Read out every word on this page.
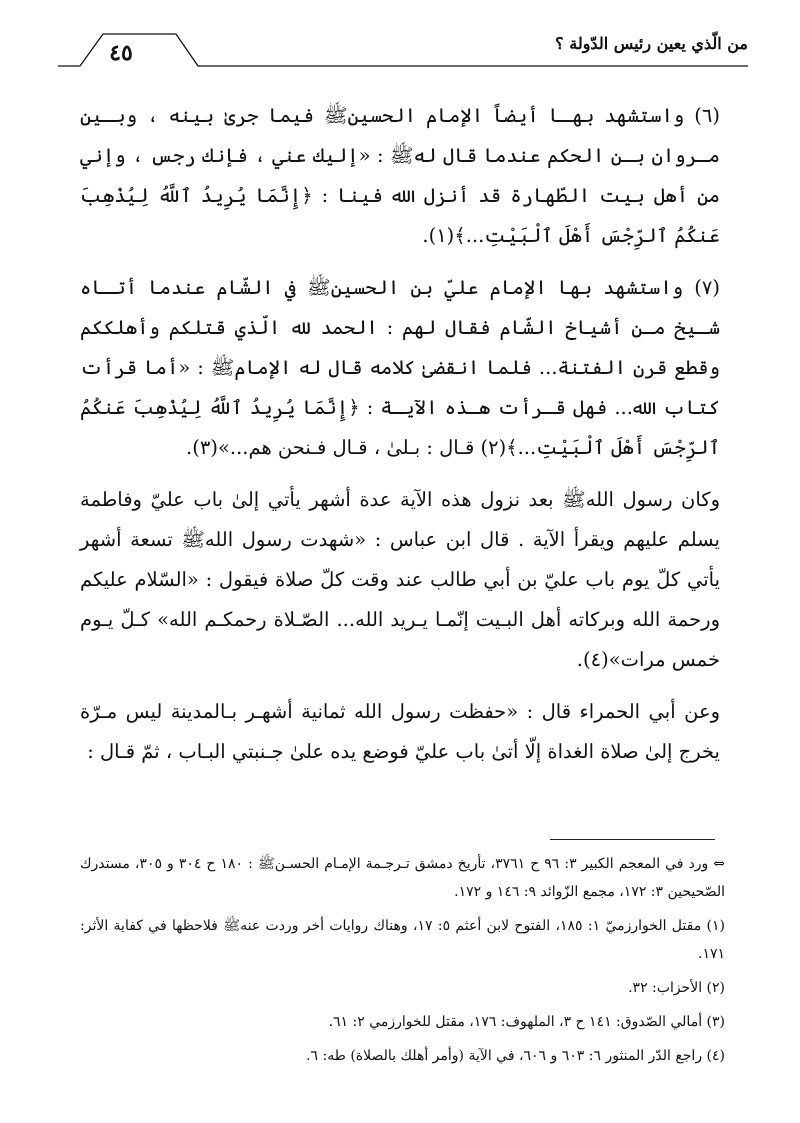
٤٥	من الّذي يعين رئيس الدّولة ؟

(٦) واستشهد بهـا أيضاً الإمام الحسينﷺ فيما جرىٰ بينه ، وبـين مـروان بـن الحكم عندما قال لهﷺ : «إليك عني ، فإنك رجس ، وإني من أهل بيت الطّهارة قد أنزل الله فينا : ﴿إِنَّمَا يُرِيدُ ٱللَّهُ لِيُذْهِبَ عَنكُمُ ٱلرِّجْسَ أَهْلَ ٱلْبَيْتِ...﴾(١).

(٧) واستشهد بها الإمام عليّ بن الحسينﷺ في الشّام عندما أتـاه شـيخ مـن أشياخ الشّام فقال لهم : الحمد لله الّذي قتلكم وأهلككم وقطع قرن الفتنة... فلما انقضىٰ كلامه قال له الإمامﷺ : «أما قرأت كتاب الله... فهل قـرأت هـذه الآيـة : ﴿إِنَّمَا يُرِيدُ ٱللَّهُ لِيُذْهِبَ عَنكُمُ ٱلرِّجْسَ أَهْلَ ٱلْبَيْتِ...﴾(٢) قـال : بـلىٰ ، قـال فـنحن هم...»(٣).

وكان رسول اللهﷺ بعد نزول هذه الآية عدة أشهر يأتي إلىٰ باب عليّ وفاطمة يسلم عليهم ويقرأ الآية . قال ابن عباس : «شهدت رسول اللهﷺ تسعة أشهر يأتي كلّ يوم باب عليّ بن أبي طالب عند وقت كلّ صلاة فيقول : «السّلام عليكم ورحمة الله وبركاته أهل البـيت إنّمـا يـريد الله... الصّـلاة رحمكـم الله» كـلّ يـوم خمس مرات»(٤).

وعن أبي الحمراء قال : «حفظت رسول الله ثمانية أشهـر بـالمدينة ليس مـرّة يخرج إلىٰ صلاة الغداة إلّا أتىٰ باب عليّ فوضع يده علىٰ جـنبتي البـاب ، ثمّ قـال :

⇔ ورد في المعجم الكبير ٣: ٩٦ ح ٣٧٦١، تأريخ دمشق تـرجـمة الإمـام الحسـنﷺ : ١٨٠ ح ٣٠٤ و ٣٠٥، مستدرك الصّحيحين ٣: ١٧٢، مجمع الزّوائد ٩: ١٤٦ و ١٧٢.

(١) مقتل الخوارزميّ ١: ١٨٥، الفتوح لابن أعثم ٥: ١٧، وهناك روايات أخر وردت عنهﷺ فلاحظها في كفاية الأثر: ١٧١.

(٢) الأحزاب: ٣٢.

(٣) أمالي الصّدوق: ١٤١ ح ٣، الملهوف: ١٧٦، مقتل للخوارزمي ٢: ٦١.

(٤) راجع الدّر المنثور ٦: ٦٠٣ و ٦٠٦، في الآية (وأمر أهلك بالصلاة) طه: ٦.
